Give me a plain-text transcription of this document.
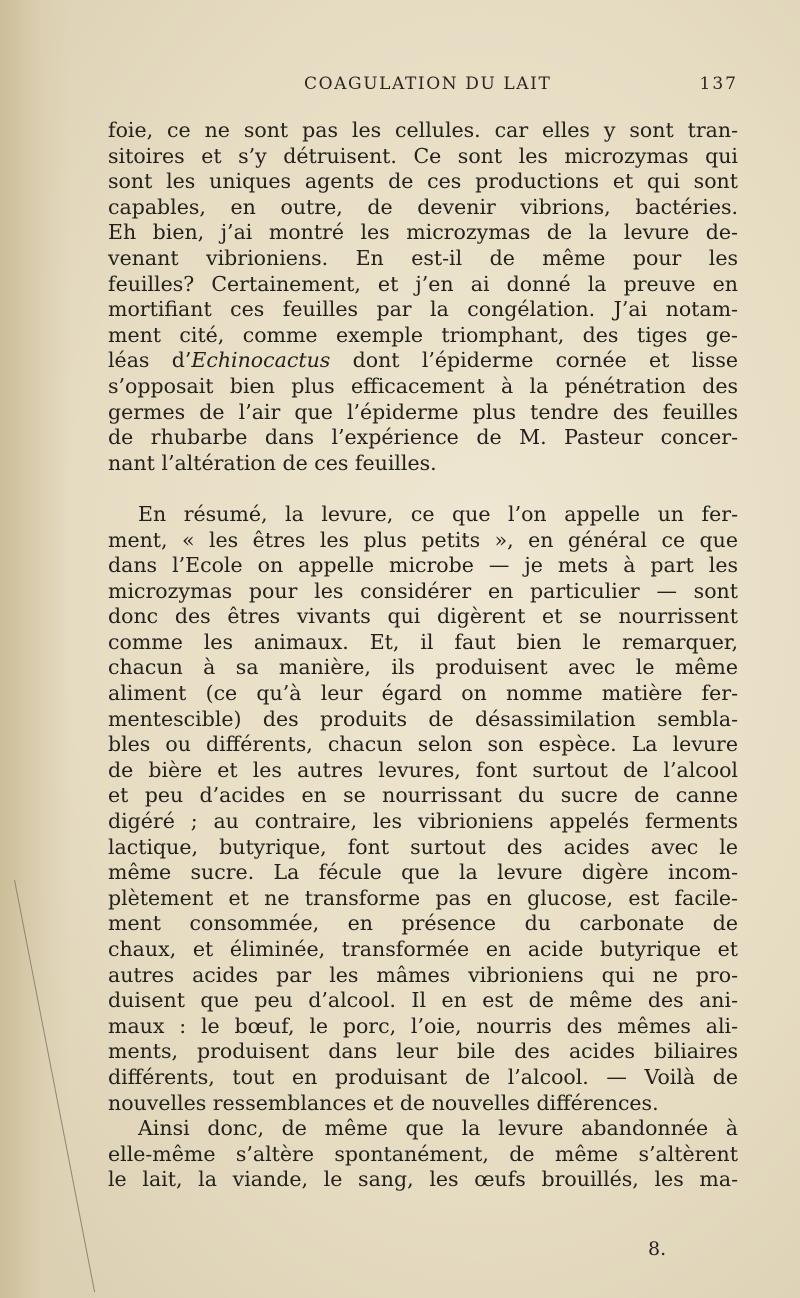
COAGULATION DU LAIT	137
foie, ce ne sont pas les cellules. car elles y sont tran-
sitoires et s’y détruisent. Ce sont les microzymas qui
sont les uniques agents de ces productions et qui sont
capables, en outre, de devenir vibrions, bactéries.
Eh bien, j’ai montré les microzymas de la levure de-
venant vibrioniens. En est-il de même pour les
feuilles? Certainement, et j’en ai donné la preuve en
mortifiant ces feuilles par la congélation. J’ai notam-
ment cité, comme exemple triomphant, des tiges ge-
léas d’Echinocactus dont l’épiderme cornée et lisse
s’opposait bien plus efficacement à la pénétration des
germes de l’air que l’épiderme plus tendre des feuilles
de rhubarbe dans l’expérience de M. Pasteur concer-
nant l’altération de ces feuilles.
En résumé, la levure, ce que l’on appelle un fer-
ment, « les êtres les plus petits », en général ce que
dans l’Ecole on appelle microbe — je mets à part les
microzymas pour les considérer en particulier — sont
donc des êtres vivants qui digèrent et se nourrissent
comme les animaux. Et, il faut bien le remarquer,
chacun à sa manière, ils produisent avec le même
aliment (ce qu’à leur égard on nomme matière fer-
mentescible) des produits de désassimilation sembla-
bles ou différents, chacun selon son espèce. La levure
de bière et les autres levures, font surtout de l’alcool
et peu d’acides en se nourrissant du sucre de canne
digéré ; au contraire, les vibrioniens appelés ferments
lactique, butyrique, font surtout des acides avec le
même sucre. La fécule que la levure digère incom-
plètement et ne transforme pas en glucose, est facile-
ment consommée, en présence du carbonate de
chaux, et éliminée, transformée en acide butyrique et
autres acides par les mâmes vibrioniens qui ne pro-
duisent que peu d’alcool. Il en est de même des ani-
maux : le bœuf, le porc, l’oie, nourris des mêmes ali-
ments, produisent dans leur bile des acides biliaires
différents, tout en produisant de l’alcool. — Voilà de
nouvelles ressemblances et de nouvelles différences.
Ainsi donc, de même que la levure abandonnée à
elle-même s’altère spontanément, de même s’altèrent
le lait, la viande, le sang, les œufs brouillés, les ma-
8.
